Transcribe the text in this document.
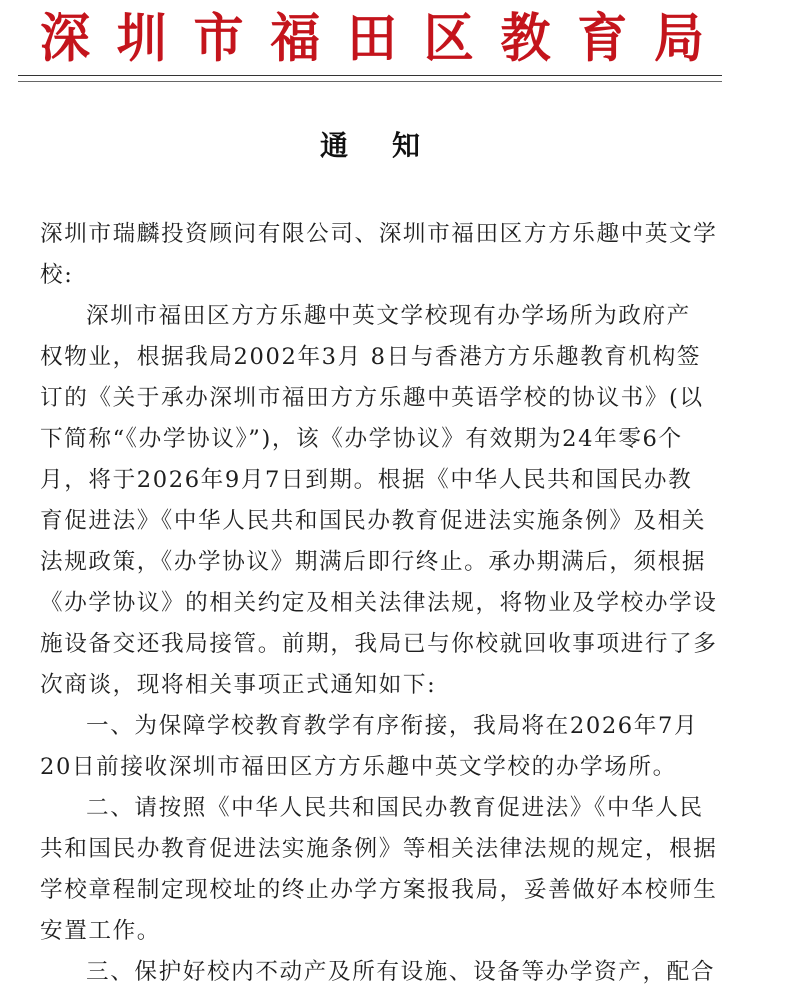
深 圳 市 福 田 区 教 育 局
通 知
深圳市瑞麟投资顾问有限公司、深圳市福田区方方乐趣中英文学
校:
深圳市福田区方方乐趣中英文学校现有办学场所为政府产
权物业，根据我局2002年3月 8日与香港方方乐趣教育机构签
订的《关于承办深圳市福田方方乐趣中英语学校的协议书》(以
下简称“《办学协议》”)，该《办学协议》有效期为24年零6个
月，将于2026年9月7日到期。根据《中华人民共和国民办教
育促进法》《中华人民共和国民办教育促进法实施条例》及相关
法规政策，《办学协议》期满后即行终止。承办期满后，须根据
《办学协议》的相关约定及相关法律法规，将物业及学校办学设
施设备交还我局接管。前期，我局已与你校就回收事项进行了多
次商谈，现将相关事项正式通知如下:
一、为保障学校教育教学有序衔接，我局将在2026年7月
20日前接收深圳市福田区方方乐趣中英文学校的办学场所。
二、请按照《中华人民共和国民办教育促进法》《中华人民
共和国民办教育促进法实施条例》等相关法律法规的规定，根据
学校章程制定现校址的终止办学方案报我局，妥善做好本校师生
安置工作。
三、保护好校内不动产及所有设施、设备等办学资产，配合
